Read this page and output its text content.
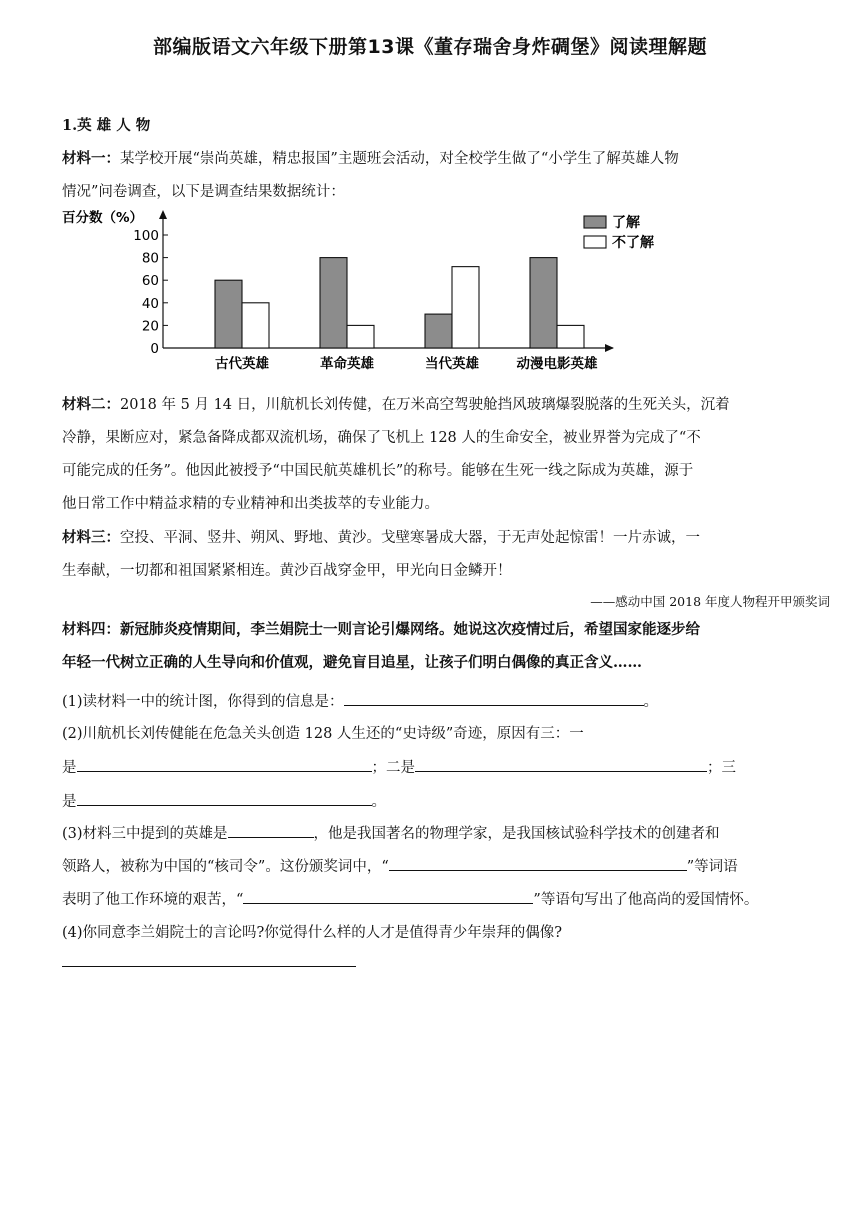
部编版语文六年级下册第13课《董存瑞舍身炸碉堡》阅读理解题
1.英 雄 人 物
材料一：某学校开展“崇尚英雄，精忠报国”主题班会活动，对全校学生做了“小学生了解英雄人物
情况”问卷调查，以下是调查结果数据统计：
百分数（%）
0
20
40
60
80
100
古代英雄	革命英雄	当代英雄	动漫电影英雄
了解
不了解
材料二：2018 年 5 月 14 日，川航机长刘传健，在万米高空驾驶舱挡风玻璃爆裂脱落的生死关头，沉着
冷静，果断应对，紧急备降成都双流机场，确保了飞机上 128 人的生命安全，被业界誉为完成了“不
可能完成的任务”。他因此被授予“中国民航英雄机长”的称号。能够在生死一线之际成为英雄，源于
他日常工作中精益求精的专业精神和出类拔萃的专业能力。
材料三：空投、平洞、竖井、朔风、野地、黄沙。戈壁寒暑成大器，于无声处起惊雷！一片赤诚，一
生奉献，一切都和祖国紧紧相连。黄沙百战穿金甲，甲光向日金鳞开！
——感动中国 2018 年度人物程开甲颁奖词
材料四：新冠肺炎疫情期间，李兰娟院士一则言论引爆网络。她说这次疫情过后，希望国家能逐步给
年轻一代树立正确的人生导向和价值观，避免盲目追星，让孩子们明白偶像的真正含义……
(1)读材料一中的统计图，你得到的信息是：	。
(2)川航机长刘传健能在危急关头创造 128 人生还的“史诗级”奇迹，原因有三：一
是	；二是	；三
是	。
(3)材料三中提到的英雄是	，他是我国著名的物理学家，是我国核试验科学技术的创建者和
领路人，被称为中国的“核司令”。这份颁奖词中，“	”等词语
表明了他工作环境的艰苦，“	”等语句写出了他高尚的爱国情怀。
(4)你同意李兰娟院士的言论吗?你觉得什么样的人才是值得青少年崇拜的偶像?
